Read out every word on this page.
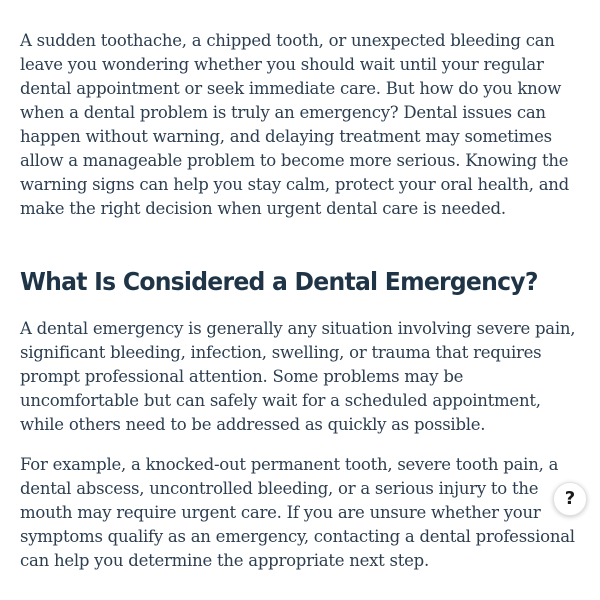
A sudden toothache, a chipped tooth, or unexpected bleeding can leave you wondering whether you should wait until your regular dental appointment or seek immediate care. But how do you know when a dental problem is truly an emergency? Dental issues can happen without warning, and delaying treatment may sometimes allow a manageable problem to become more serious. Knowing the warning signs can help you stay calm, protect your oral health, and make the right decision when urgent dental care is needed.

What Is Considered a Dental Emergency?

A dental emergency is generally any situation involving severe pain, significant bleeding, infection, swelling, or trauma that requires prompt professional attention. Some problems may be uncomfortable but can safely wait for a scheduled appointment, while others need to be addressed as quickly as possible.

For example, a knocked-out permanent tooth, severe tooth pain, a dental abscess, uncontrolled bleeding, or a serious injury to the mouth may require urgent care. If you are unsure whether your symptoms qualify as an emergency, contacting a dental professional can help you determine the appropriate next step.

?
